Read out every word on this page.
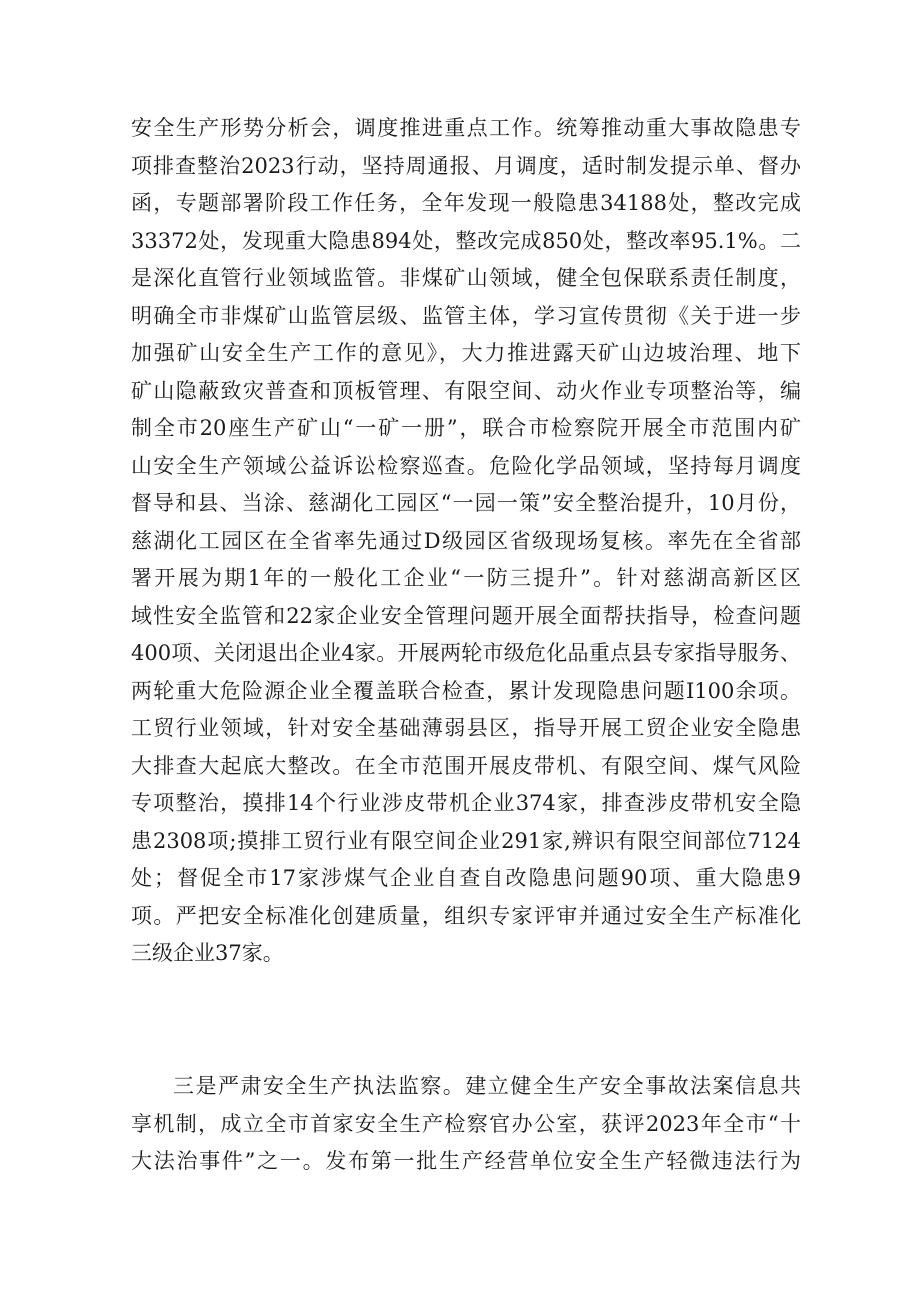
安全生产形势分析会，调度推进重点工作。统筹推动重大事故隐患专
项排查整治2023行动，坚持周通报、月调度，适时制发提示单、督办
函，专题部署阶段工作任务，全年发现一般隐患34188处，整改完成
33372处，发现重大隐患894处，整改完成850处，整改率95.1%。二
是深化直管行业领域监管。非煤矿山领域，健全包保联系责任制度，
明确全市非煤矿山监管层级、监管主体，学习宣传贯彻《关于进一步
加强矿山安全生产工作的意见》，大力推进露天矿山边坡治理、地下
矿山隐蔽致灾普查和顶板管理、有限空间、动火作业专项整治等，编
制全市20座生产矿山“一矿一册”，联合市检察院开展全市范围内矿
山安全生产领域公益诉讼检察巡查。危险化学品领域，坚持每月调度
督导和县、当涂、慈湖化工园区“一园一策”安全整治提升，10月份，
慈湖化工园区在全省率先通过D级园区省级现场复核。率先在全省部
署开展为期1年的一般化工企业“一防三提升”。针对慈湖高新区区
域性安全监管和22家企业安全管理问题开展全面帮扶指导，检查问题
400项、关闭退出企业4家。开展两轮市级危化品重点县专家指导服务、
两轮重大危险源企业全覆盖联合检查，累计发现隐患问题I100余项。
工贸行业领域，针对安全基础薄弱县区，指导开展工贸企业安全隐患
大排查大起底大整改。在全市范围开展皮带机、有限空间、煤气风险
专项整治，摸排14个行业涉皮带机企业374家，排查涉皮带机安全隐
患2308项;摸排工贸行业有限空间企业291家,辨识有限空间部位7124
处；督促全市17家涉煤气企业自查自改隐患问题90项、重大隐患9
项。严把安全标准化创建质量，组织专家评审并通过安全生产标准化
三级企业37家。
三是严肃安全生产执法监察。建立健全生产安全事故法案信息共
享机制，成立全市首家安全生产检察官办公室，获评2023年全市“十
大法治事件”之一。发布第一批生产经营单位安全生产轻微违法行为
